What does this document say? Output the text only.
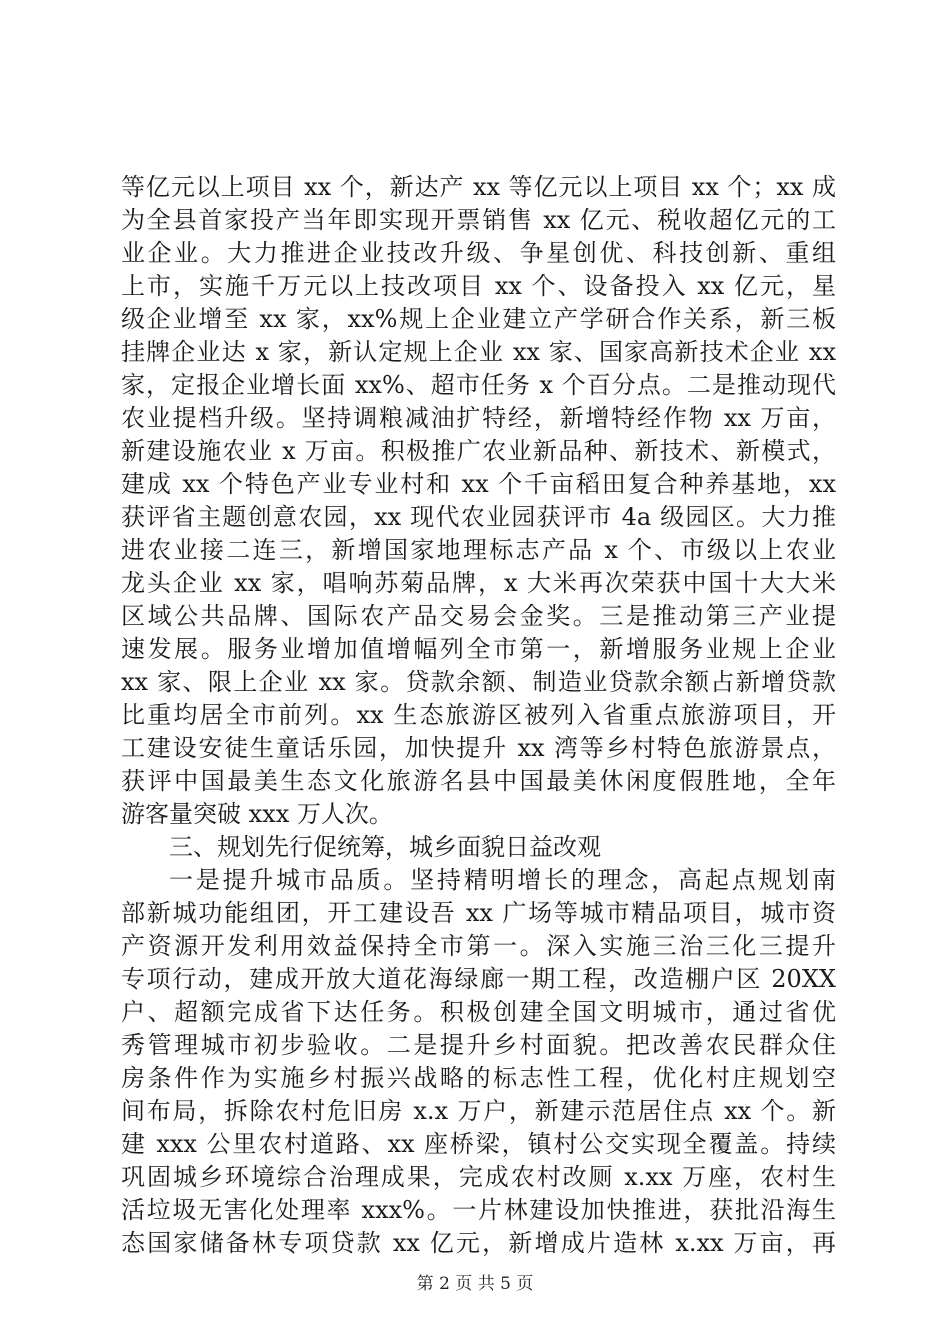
等亿元以上项目 xx 个，新达产 xx 等亿元以上项目 xx 个；xx 成
为全县首家投产当年即实现开票销售 xx 亿元、税收超亿元的工
业企业。大力推进企业技改升级、争星创优、科技创新、重组
上市，实施千万元以上技改项目 xx 个、设备投入 xx 亿元，星
级企业增至 xx 家，xx%规上企业建立产学研合作关系，新三板
挂牌企业达 x 家，新认定规上企业 xx 家、国家高新技术企业 xx
家，定报企业增长面 xx%、超市任务 x 个百分点。二是推动现代
农业提档升级。坚持调粮减油扩特经，新增特经作物 xx 万亩，
新建设施农业 x 万亩。积极推广农业新品种、新技术、新模式，
建成 xx 个特色产业专业村和 xx 个千亩稻田复合种养基地，xx
获评省主题创意农园，xx 现代农业园获评市 4a 级园区。大力推
进农业接二连三，新增国家地理标志产品 x 个、市级以上农业
龙头企业 xx 家，唱响苏菊品牌，x 大米再次荣获中国十大大米
区域公共品牌、国际农产品交易会金奖。三是推动第三产业提
速发展。服务业增加值增幅列全市第一，新增服务业规上企业
xx 家、限上企业 xx 家。贷款余额、制造业贷款余额占新增贷款
比重均居全市前列。xx 生态旅游区被列入省重点旅游项目，开
工建设安徒生童话乐园，加快提升 xx 湾等乡村特色旅游景点，
获评中国最美生态文化旅游名县中国最美休闲度假胜地，全年
游客量突破 xxx 万人次。
三、规划先行促统筹，城乡面貌日益改观
一是提升城市品质。坚持精明增长的理念，高起点规划南
部新城功能组团，开工建设吾 xx 广场等城市精品项目，城市资
产资源开发利用效益保持全市第一。深入实施三治三化三提升
专项行动，建成开放大道花海绿廊一期工程，改造棚户区 20XX
户、超额完成省下达任务。积极创建全国文明城市，通过省优
秀管理城市初步验收。二是提升乡村面貌。把改善农民群众住
房条件作为实施乡村振兴战略的标志性工程，优化村庄规划空
间布局，拆除农村危旧房 x.x 万户，新建示范居住点 xx 个。新
建 xxx 公里农村道路、xx 座桥梁，镇村公交实现全覆盖。持续
巩固城乡环境综合治理成果，完成农村改厕 x.xx 万座，农村生
活垃圾无害化处理率 xxx%。一片林建设加快推进，获批沿海生
态国家储备林专项贷款 xx 亿元，新增成片造林 x.xx 万亩，再
第 2 页 共 5 页
